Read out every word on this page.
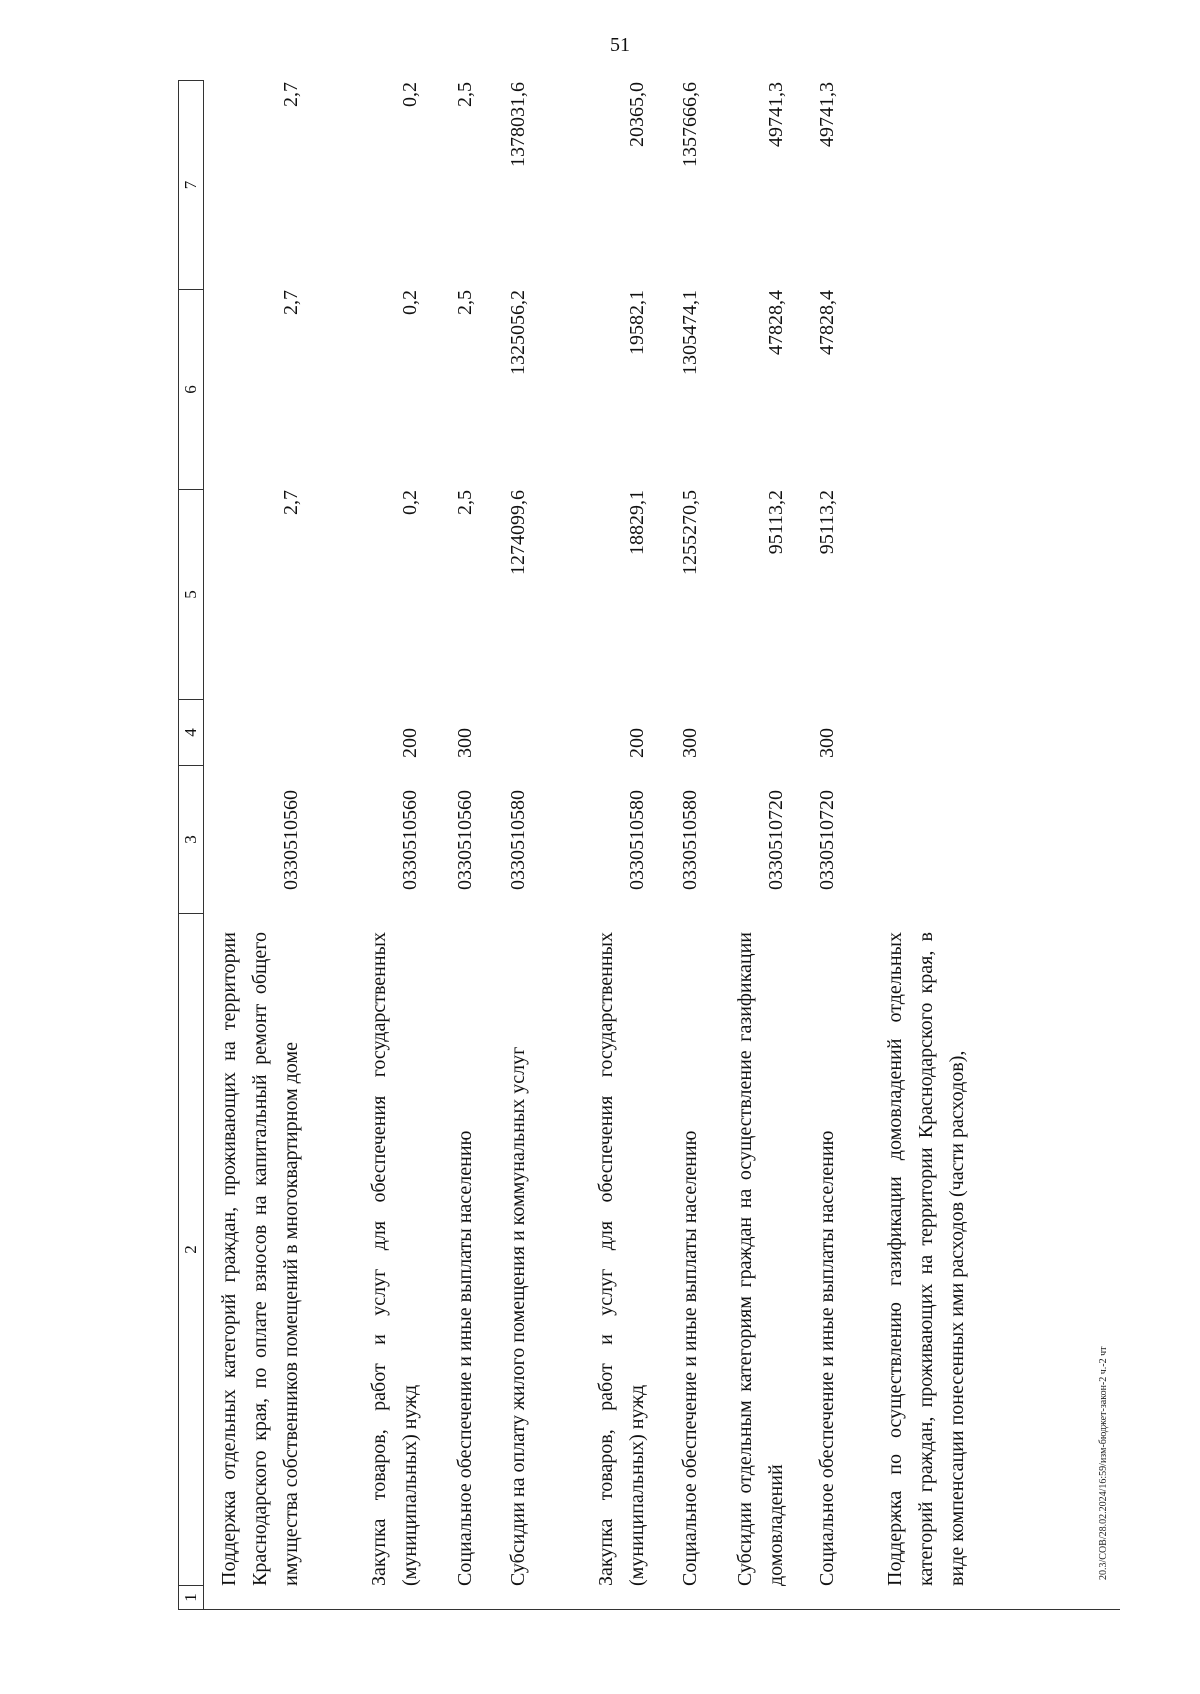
51
1
2
3
4
5
6
7
Поддержка отдельных категорий граждан, проживающих на территории Краснодарского края, по оплате взносов на капитальный ремонт общего имущества собственников помещений в многоквартирном доме
0330510560
2,7
2,7
2,7
Закупка товаров, работ и услуг для обеспечения государственных (муниципальных) нужд
0330510560
200
0,2
0,2
0,2
Социальное обеспечение и иные выплаты населению
0330510560
300
2,5
2,5
2,5
Субсидии на оплату жилого помещения и коммунальных услуг
0330510580
1274099,6
1325056,2
1378031,6
Закупка товаров, работ и услуг для обеспечения государственных (муниципальных) нужд
0330510580
200
18829,1
19582,1
20365,0
Социальное обеспечение и иные выплаты населению
0330510580
300
1255270,5
1305474,1
1357666,6
Субсидии отдельным категориям граждан на осуществление газификации домовладений
0330510720
95113,2
47828,4
49741,3
Социальное обеспечение и иные выплаты населению
0330510720
300
95113,2
47828,4
49741,3
Поддержка по осуществлению газификации домовладений отдельных категорий граждан, проживающих на территории Краснодарского края, в виде компенсации понесенных ими расходов (части расходов),	20.3/СОВ/28.02.2024/16:59/изм-бюджет-закон-2 ч.-2 чт
